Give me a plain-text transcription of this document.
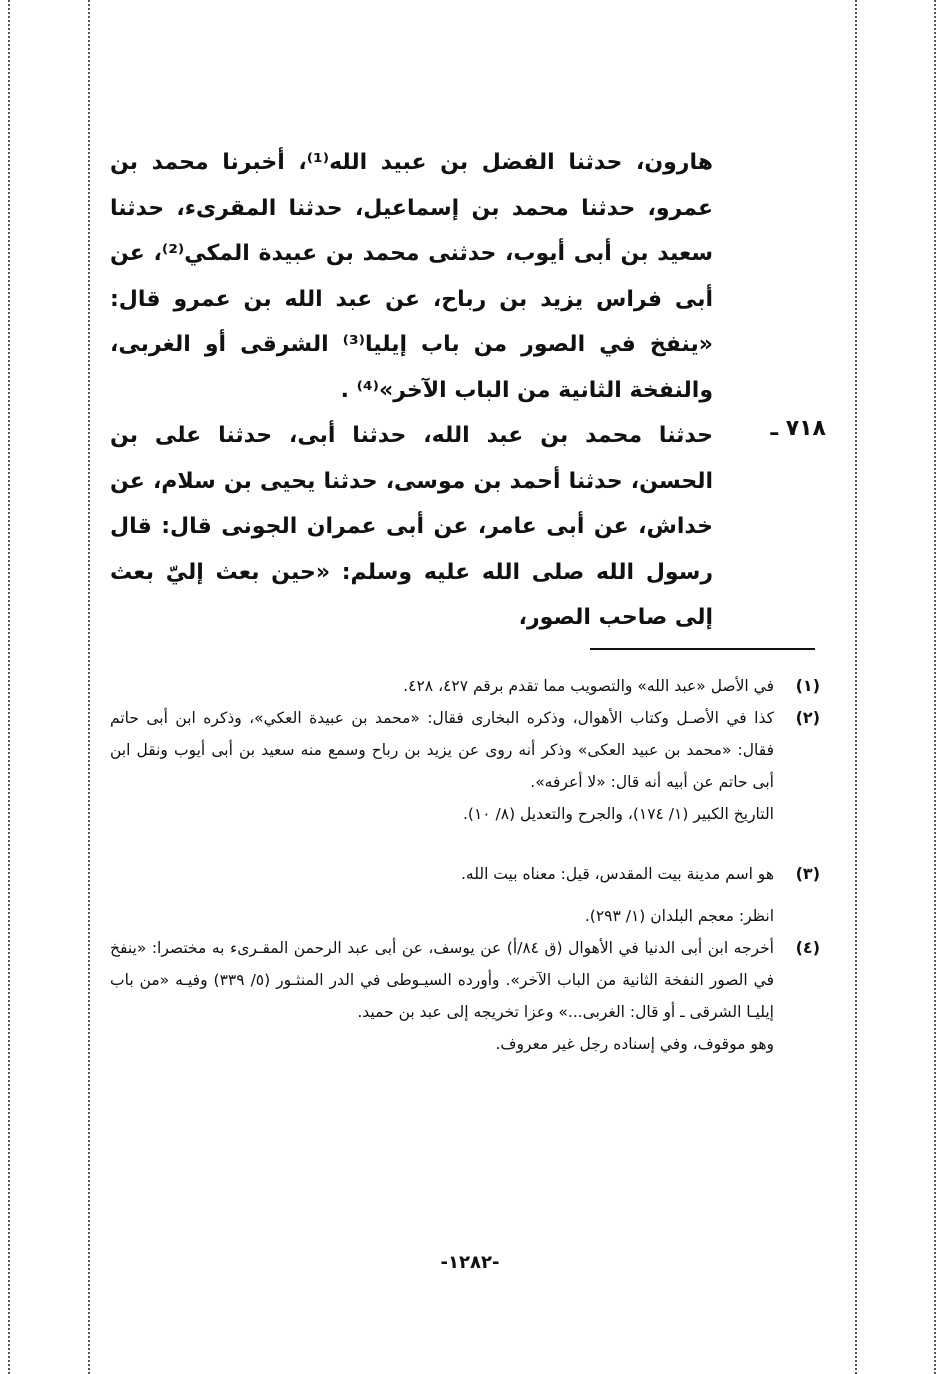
هارون، حدثنا الفضل بن عبيد الله⁽¹⁾، أخبرنا محمد بن عمرو، حدثنا محمد بن إسماعيل، حدثنا المقرىء، حدثنا سعيد بن أبى أيوب، حدثنى محمد بن عبيدة المكي⁽²⁾، عن أبى فراس يزيد بن رباح، عن عبد الله بن عمرو قال: «ينفخ في الصور من باب إيليا⁽³⁾ الشرقى أو الغربى، والنفخة الثانية من الباب الآخر»⁽⁴⁾ .

حدثنا محمد بن عبد الله، حدثنا أبى، حدثنا على بن الحسن، حدثنا أحمد بن موسى، حدثنا يحيى بن سلام، عن خداش، عن أبى عامر، عن أبى عمران الجونى قال: قال رسول الله صلى الله عليه وسلم: «حين بعث إليّ بعث إلى صاحب الصور،

٧١٨ ـ
(١)

في الأصل «عبد الله» والتصويب مما تقدم برقم ٤٢٧، ٤٢٨.

(٢)

كذا في الأصـل وكتاب الأهوال، وذكره البخارى فقال: «محمد بن عبيدة العكي»، وذكره ابن أبى حاتم فقال: «محمد بن عبيد العكى» وذكر أنه روى عن يزيد بن رباح وسمع منه سعيد بن أبى أيوب ونقل ابن أبى حاتم عن أبيه أنه قال: «لا أعرفه».

التاريخ الكبير (١/ ١٧٤)، والجرح والتعديل (٨/ ١٠).

(٣)

هو اسم مدينة بيت المقدس، قيل: معناه بيت الله.

انظر: معجم البلدان (١/ ٢٩٣).

(٤)

أخرجه ابن أبى الدنيا في الأهوال (ق ٨٤/أ) عن يوسف، عن أبى عبد الرحمن المقـرىء به مختصرا: «ينفخ في الصور النفخة الثانية من الباب الآخر». وأورده السيـوطى في الدر المنثـور (٥/ ٣٣٩) وفيـه «من باب إيليـا الشرقى ـ أو قال: الغربى...» وعزا تخريجه إلى عبد بن حميد.

وهو موقوف، وفي إسناده رجل غير معروف.

-١٢٨٢-
